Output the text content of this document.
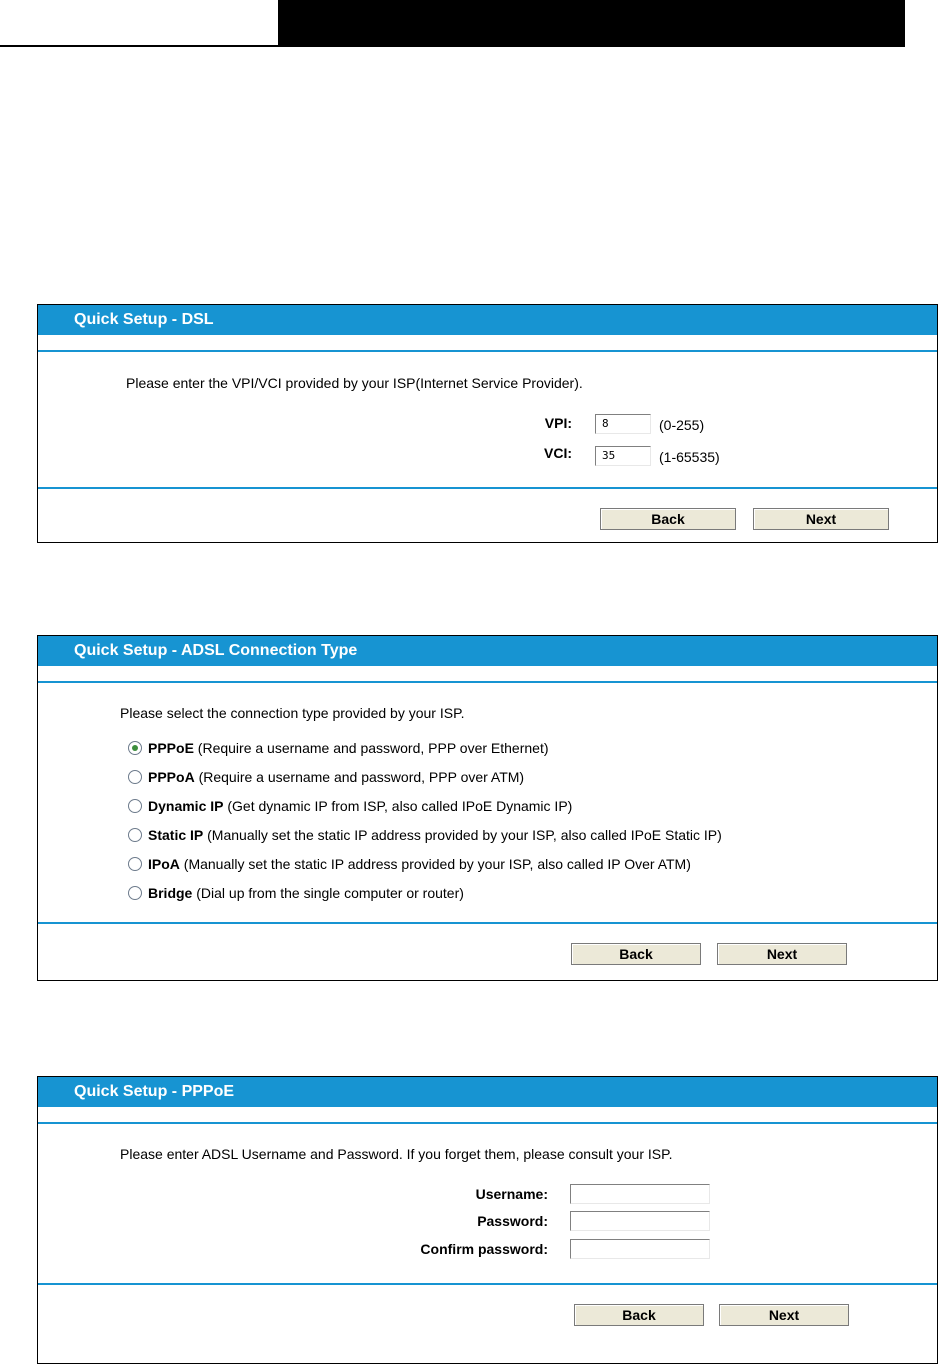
Quick Setup - DSL
Please enter the VPI/VCI provided by your ISP(Internet Service Provider).
VPI:	8	(0-255)
VCI:	35	(1-65535)
Back	Next
Quick Setup - ADSL Connection Type
Please select the connection type provided by your ISP.
PPPoE (Require a username and password, PPP over Ethernet)
PPPoA (Require a username and password, PPP over ATM)
Dynamic IP (Get dynamic IP from ISP, also called IPoE Dynamic IP)
Static IP (Manually set the static IP address provided by your ISP, also called IPoE Static IP)
IPoA (Manually set the static IP address provided by your ISP, also called IP Over ATM)
Bridge (Dial up from the single computer or router)
Back	Next
Quick Setup - PPPoE
Please enter ADSL Username and Password. If you forget them, please consult your ISP.
Username:
Password:
Confirm password:
Back	Next
